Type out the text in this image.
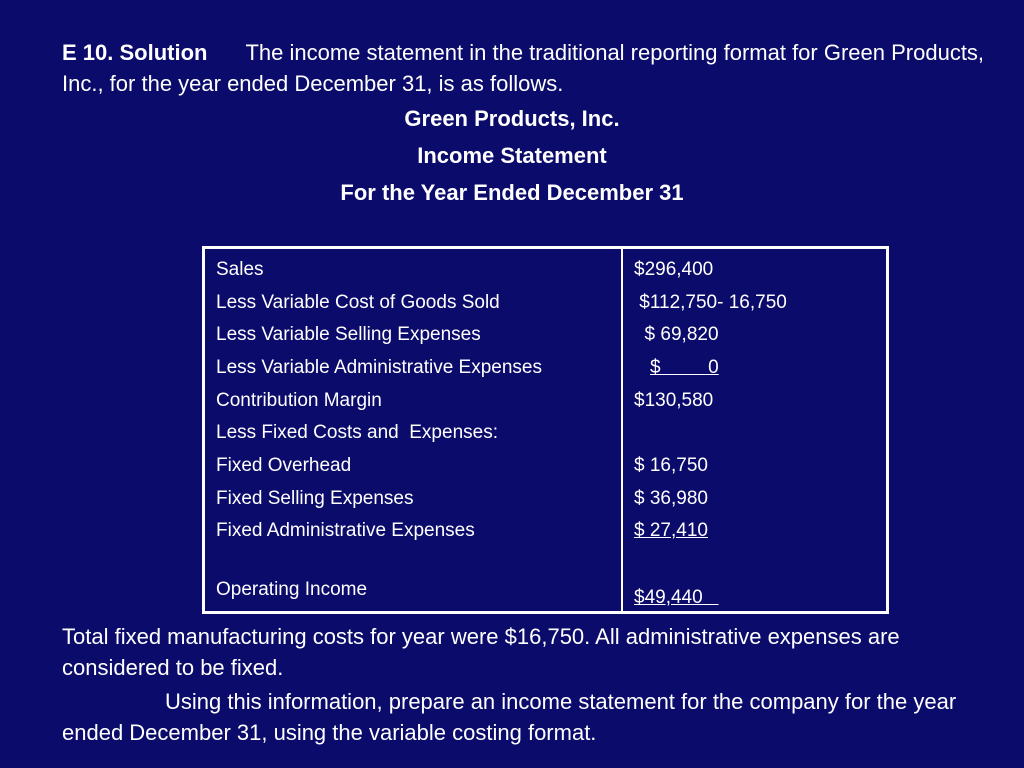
E 10. Solution The income statement in the traditional reporting format for Green Products, Inc., for the year ended December 31, is as follows.
Green Products, Inc.
Income Statement
For the Year Ended December 31
Sales	$296,400
Less Variable Cost of Goods Sold	$112,750- 16,750
Less Variable Selling Expenses	$ 69,820
Less Variable Administrative Expenses	$         0
Contribution Margin	$130,580
Less Fixed Costs and  Expenses:
Fixed Overhead	$ 16,750
Fixed Selling Expenses	$ 36,980
Fixed Administrative Expenses	$ 27,410
Operating Income	$49,440
Total fixed manufacturing costs for year were $16,750. All administrative expenses are considered to be fixed.
Using this information, prepare an income statement for the company for the year ended December 31, using the variable costing format.
